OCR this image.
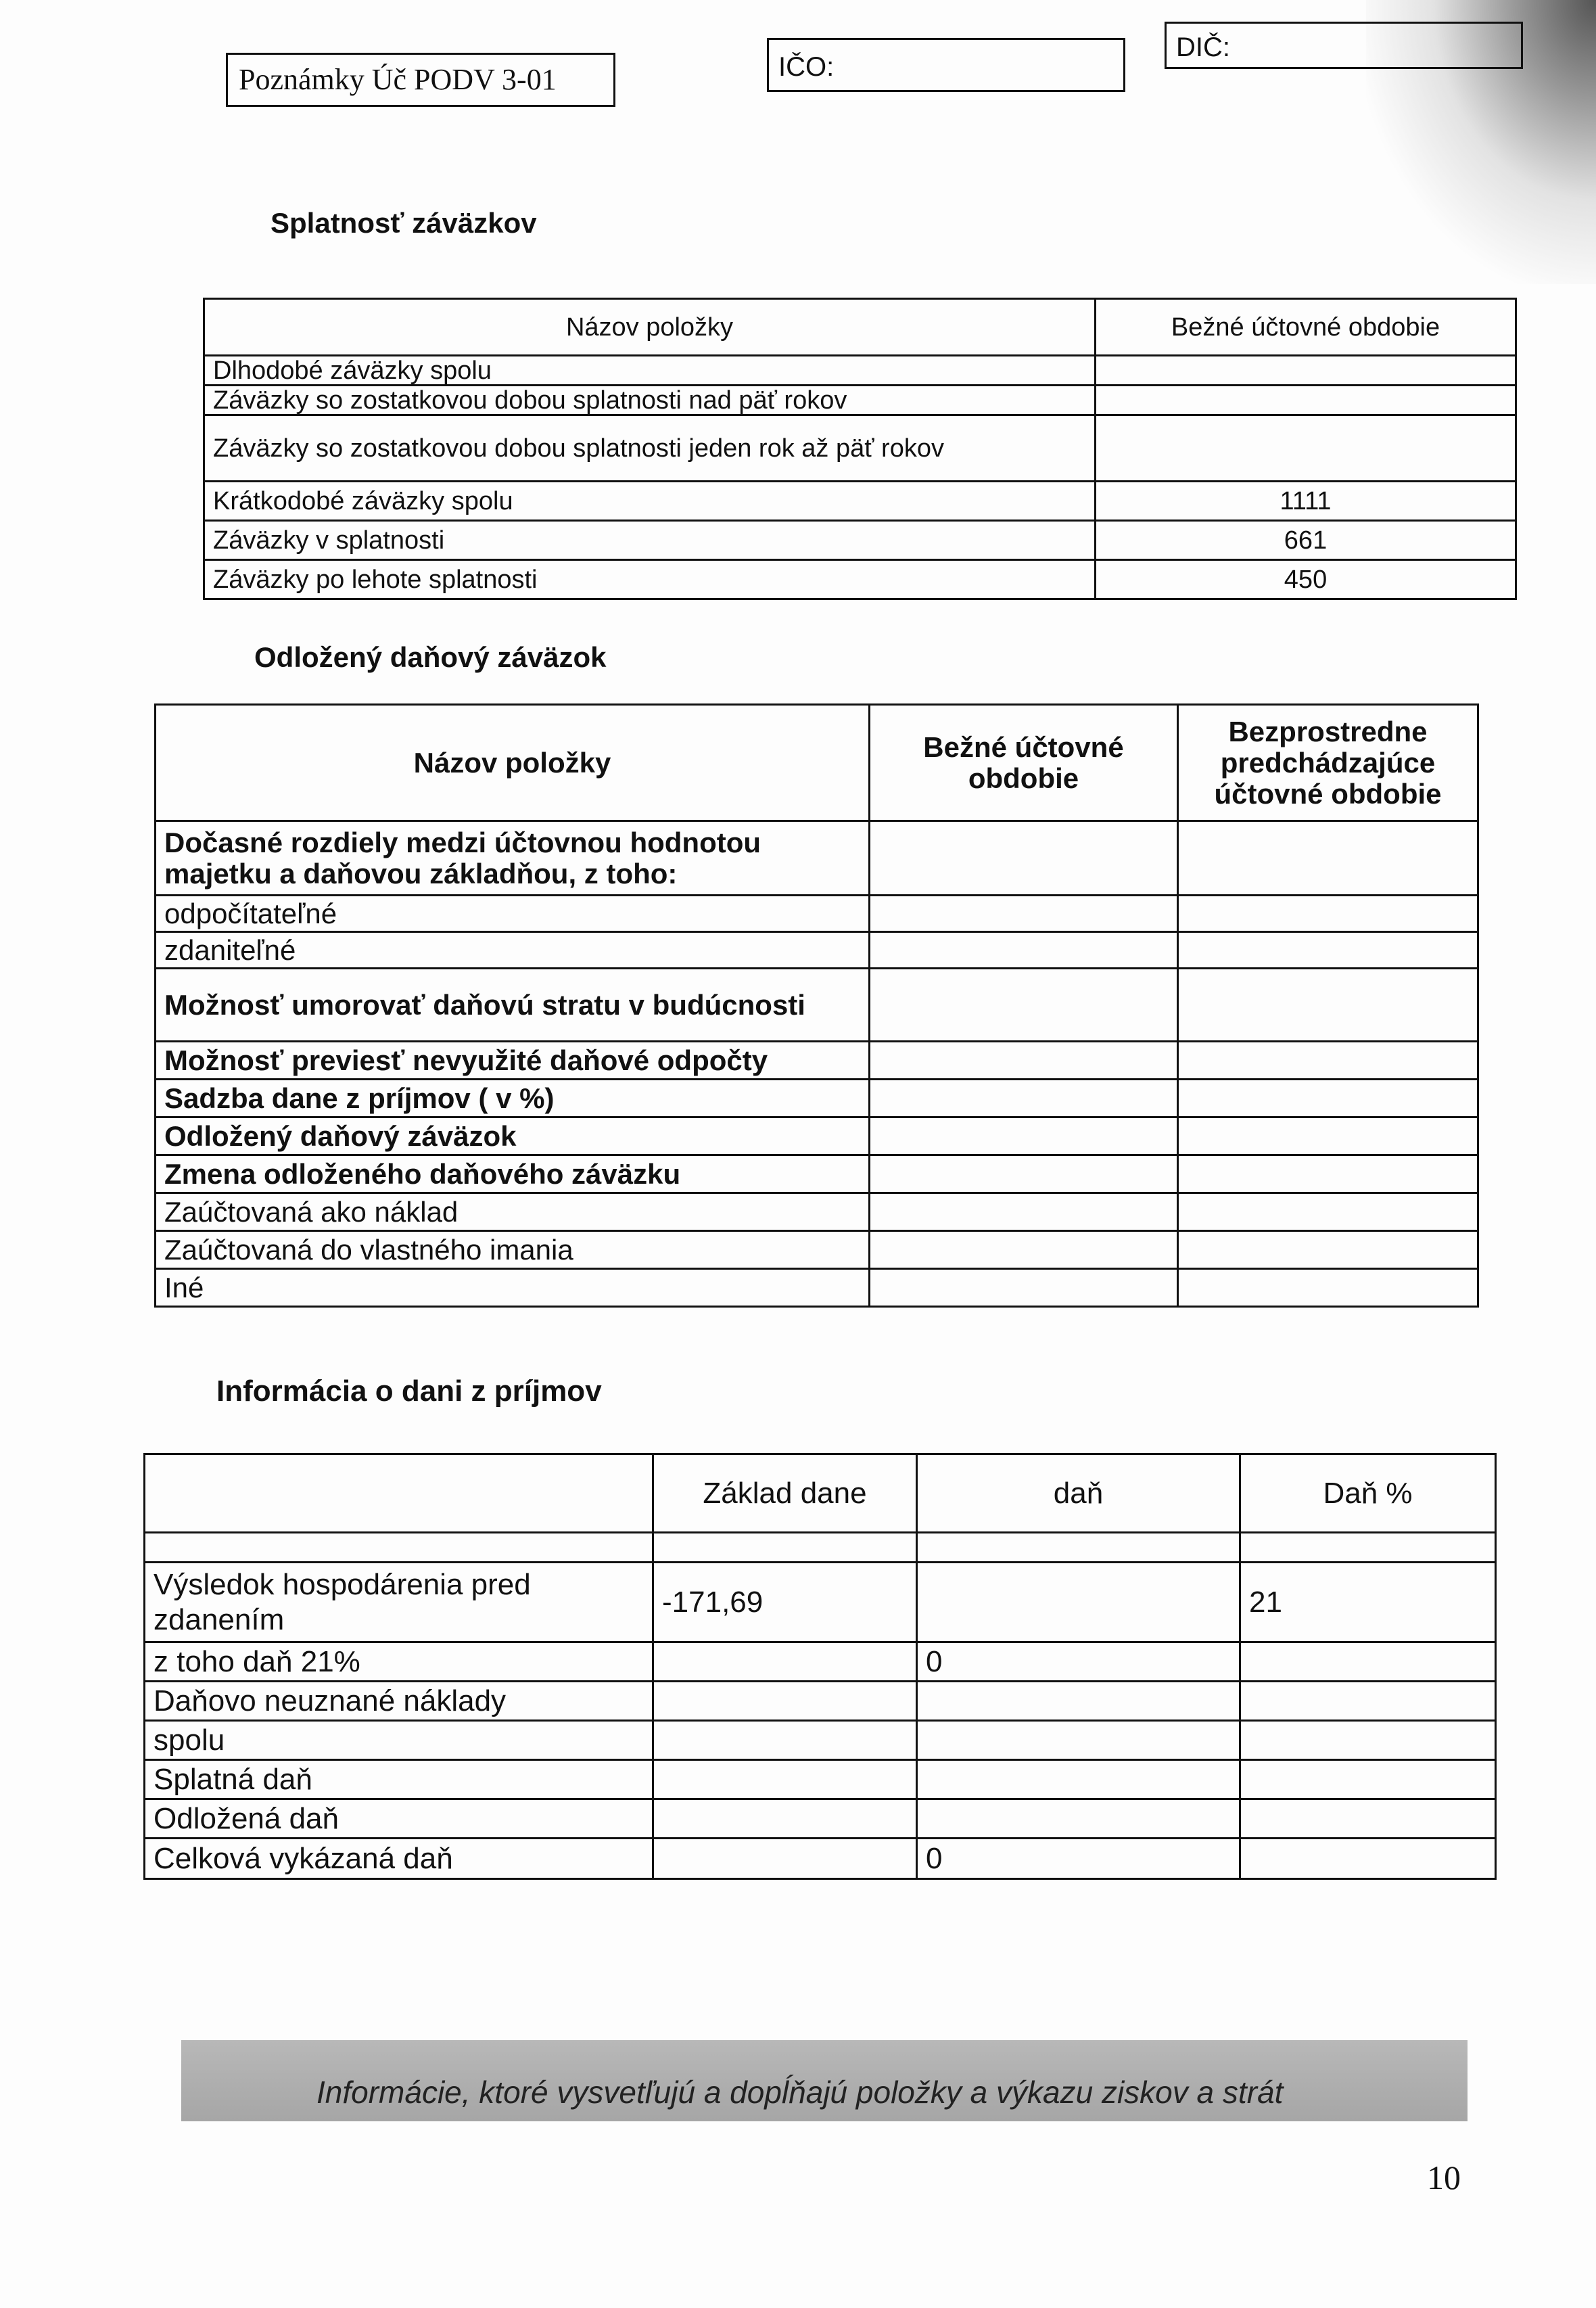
Poznámky Úč PODV 3-01	IČO:
DIČ:
Splatnosť záväzkov
Názov položky	Bežné účtovné obdobie
Dlhodobé záväzky spolu	
Záväzky so zostatkovou dobou splatnosti nad päť rokov	
Záväzky so zostatkovou dobou splatnosti jeden rok až päť rokov	
Krátkodobé záväzky spolu	1111
Záväzky v splatnosti	661
Záväzky po lehote splatnosti	450
Odložený daňový záväzok
Názov položky	Bežné účtovné obdobie	Bezprostredne predchádzajúce účtovné obdobie
Dočasné rozdiely medzi účtovnou hodnotou majetku a daňovou základňou, z toho:		
odpočítateľné		
zdaniteľné		
Možnosť umorovať daňovú stratu v budúcnosti		
Možnosť previesť nevyužité daňové odpočty		
Sadzba dane z príjmov ( v %)		
Odložený daňový záväzok		
Zmena odloženého daňového záväzku		
Zaúčtovaná ako náklad		
Zaúčtovaná do vlastného imania		
Iné		
Informácia o dani z príjmov
	Základ dane	daň	Daň %

Výsledok hospodárenia pred zdanením	-171,69		21
z toho daň 21%		0	
Daňovo neuznané náklady			
spolu			
Splatná daň			
Odložená daň			
Celková vykázaná daň		0	
Informácie, ktoré vysvetľujú a dopĺňajú položky a výkazu ziskov a strát
10
